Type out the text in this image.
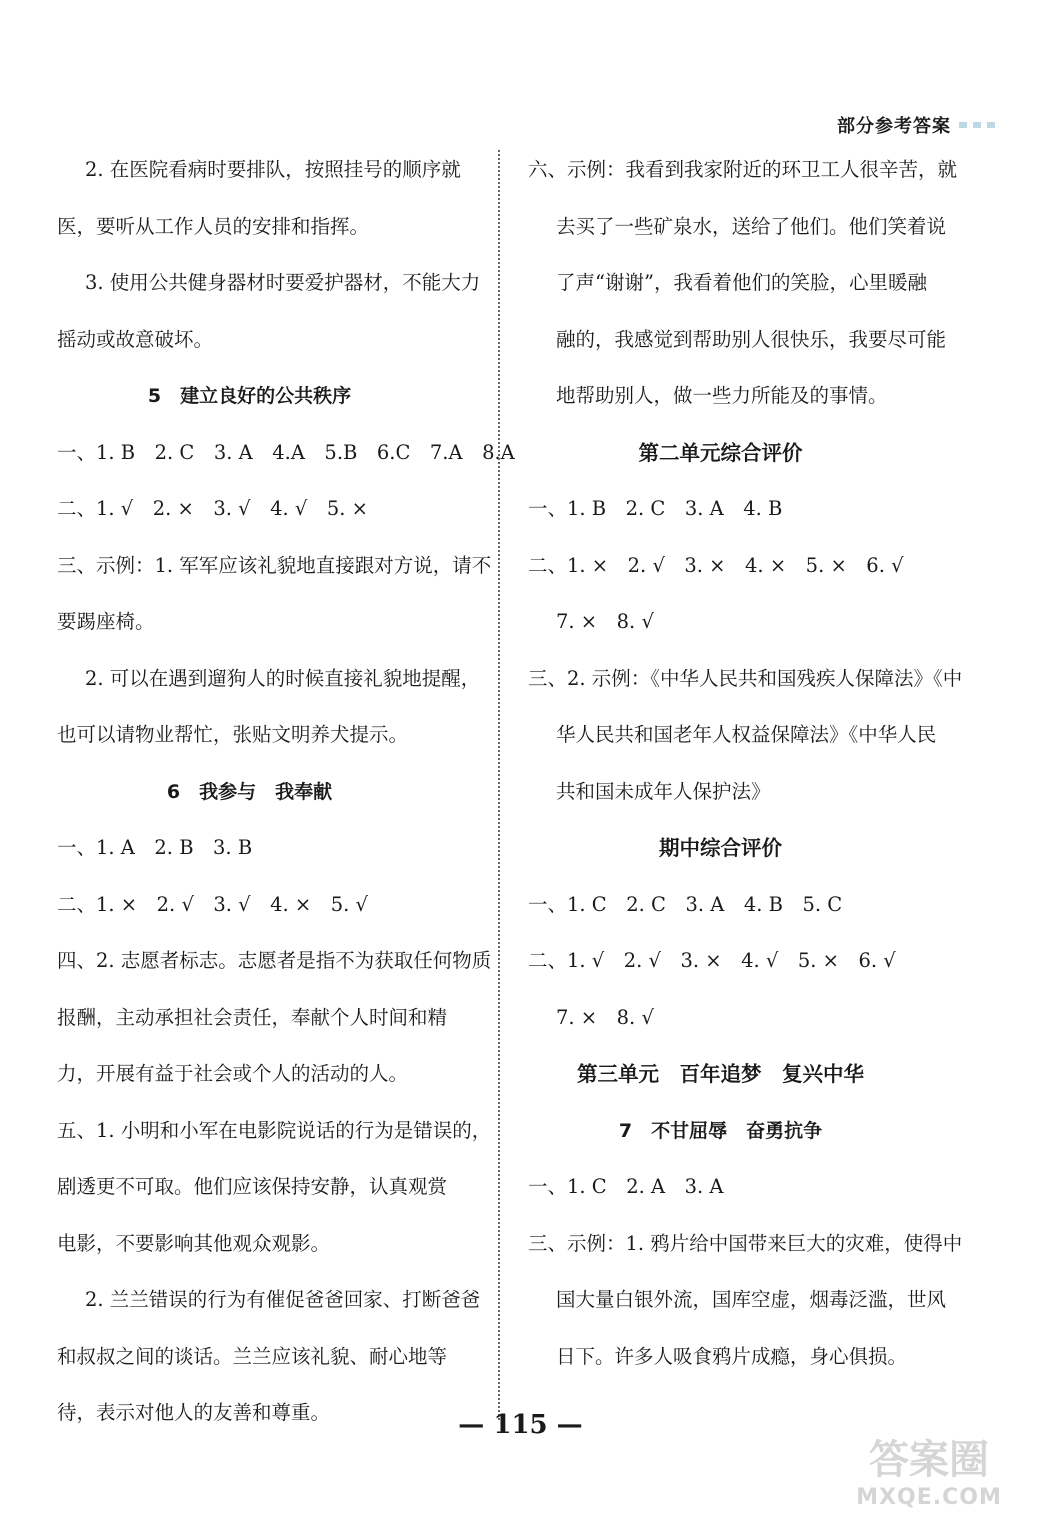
部分参考答案
2. 在医院看病时要排队，按照挂号的顺序就
医，要听从工作人员的安排和指挥。
3. 使用公共健身器材时要爱护器材，不能大力
摇动或故意破坏。
5　建立良好的公共秩序
一、1. B　2. C　3. A　4.A　5.B　6.C　7.A　8.A
二、1. √　2. ×　3. √　4. √　5. ×
三、示例：1. 军军应该礼貌地直接跟对方说，请不
要踢座椅。
2. 可以在遇到遛狗人的时候直接礼貌地提醒，
也可以请物业帮忙，张贴文明养犬提示。
6　我参与　我奉献
一、1. A　2. B　3. B
二、1. ×　2. √　3. √　4. ×　5. √
四、2. 志愿者标志。志愿者是指不为获取任何物质
报酬，主动承担社会责任，奉献个人时间和精
力，开展有益于社会或个人的活动的人。
五、1. 小明和小军在电影院说话的行为是错误的，
剧透更不可取。他们应该保持安静，认真观赏
电影，不要影响其他观众观影。
2. 兰兰错误的行为有催促爸爸回家、打断爸爸
和叔叔之间的谈话。兰兰应该礼貌、耐心地等
待，表示对他人的友善和尊重。
六、示例：我看到我家附近的环卫工人很辛苦，就
去买了一些矿泉水，送给了他们。他们笑着说
了声“谢谢”，我看着他们的笑脸，心里暖融
融的，我感觉到帮助别人很快乐，我要尽可能
地帮助别人，做一些力所能及的事情。
第二单元综合评价
一、1. B　2. C　3. A　4. B
二、1. ×　2. √　3. ×　4. ×　5. ×　6. √
7. ×　8. √
三、2. 示例：《中华人民共和国残疾人保障法》《中
华人民共和国老年人权益保障法》《中华人民
共和国未成年人保护法》
期中综合评价
一、1. C　2. C　3. A　4. B　5. C
二、1. √　2. √　3. ×　4. √　5. ×　6. √
7. ×　8. √
第三单元　百年追梦　复兴中华
7　不甘屈辱　奋勇抗争
一、1. C　2. A　3. A
三、示例：1. 鸦片给中国带来巨大的灾难，使得中
国大量白银外流，国库空虚，烟毒泛滥，世风
日下。许多人吸食鸦片成瘾，身心俱损。
— 115 —
答案圈
MXQE.COM
